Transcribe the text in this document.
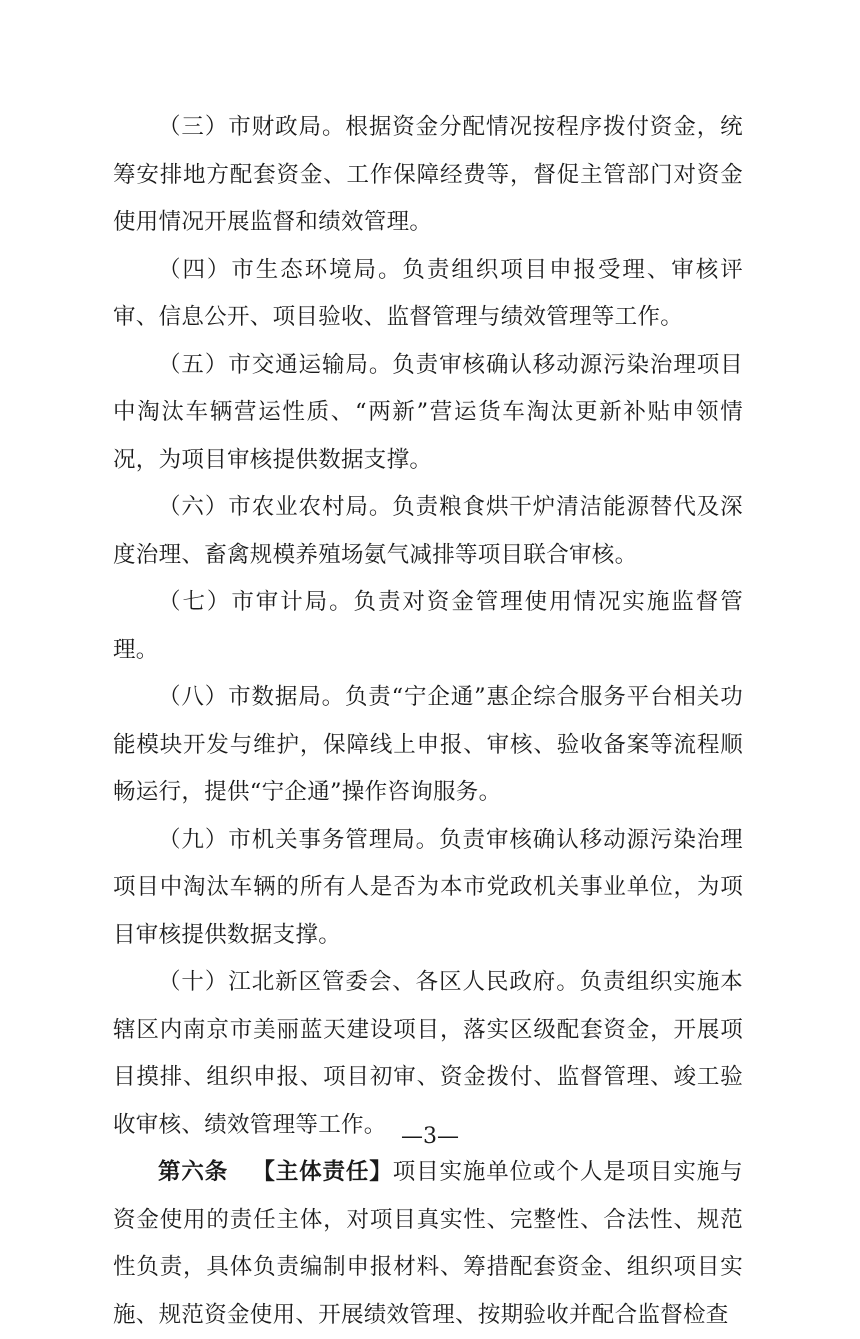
（三）市财政局。根据资金分配情况按程序拨付资金，统筹安排地方配套资金、工作保障经费等，督促主管部门对资金使用情况开展监督和绩效管理。

（四）市生态环境局。负责组织项目申报受理、审核评审、信息公开、项目验收、监督管理与绩效管理等工作。

（五）市交通运输局。负责审核确认移动源污染治理项目中淘汰车辆营运性质、“两新”营运货车淘汰更新补贴申领情况，为项目审核提供数据支撑。

（六）市农业农村局。负责粮食烘干炉清洁能源替代及深度治理、畜禽规模养殖场氨气减排等项目联合审核。

（七）市审计局。负责对资金管理使用情况实施监督管理。

（八）市数据局。负责“宁企通”惠企综合服务平台相关功能模块开发与维护，保障线上申报、审核、验收备案等流程顺畅运行，提供“宁企通”操作咨询服务。

（九）市机关事务管理局。负责审核确认移动源污染治理项目中淘汰车辆的所有人是否为本市党政机关事业单位，为项目审核提供数据支撑。

（十）江北新区管委会、各区人民政府。负责组织实施本辖区内南京市美丽蓝天建设项目，落实区级配套资金，开展项目摸排、组织申报、项目初审、资金拨付、监督管理、竣工验收审核、绩效管理等工作。

第六条 【主体责任】项目实施单位或个人是项目实施与资金使用的责任主体，对项目真实性、完整性、合法性、规范性负责，具体负责编制申报材料、筹措配套资金、组织项目实施、规范资金使用、开展绩效管理、按期验收并配合监督检查

—3—
